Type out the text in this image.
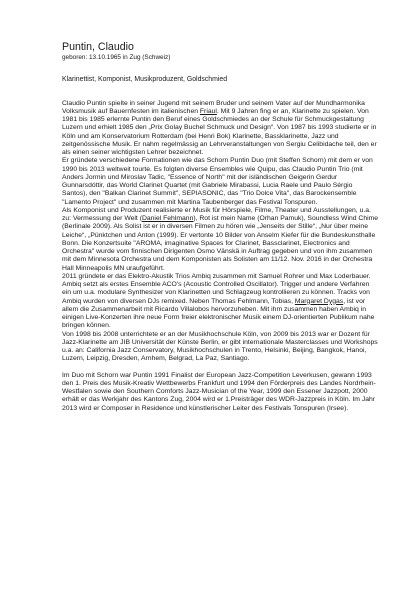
Puntin, Claudio
geboren: 13.10.1965 in Zug (Schweiz)
Klarinettist, Komponist, Musikproduzent, Goldschmied

Claudio Puntin spielte in seiner Jugend mit seinem Bruder und seinem Vater auf der Mundharmonika Volksmusik auf Bauernfesten im italienischen Friaul. Mit 9 Jahren fing er an, Klarinette zu spielen. Von 1981 bis 1985 erlernte Puntin den Beruf eines Goldschmiedes an der Schule für Schmuckgestaltung Luzern und erhielt 1985 den „Prix Golay Buchel Schmuck und Design“. Von 1987 bis 1993 studierte er in Köln und am Konservatorium Rotterdam (bei Henri Bok) Klarinette, Bassklarinette, Jazz und zeitgenössische Musik. Er nahm regelmässig an Lehrveranstaltungen von Sergiu Celibidache teil, den er als einen seiner wichtigsten Lehrer bezeichnet.
Er gründete verschiedene Formationen wie das Schorn Puntin Duo (mit Steffen Schorn) mit dem er von 1990 bis 2013 weltweit tourte. Es folgten diverse Ensembles wie Quipu, das Claudio Puntin Trio (mit Anders Jormin und Miroslav Tadic, "Essence of North" mit der isländischen Geigerin Gerdur Gunnarsdóttir, das World Clarinet Quartet (mit Gabriele Mirabassi, Lucia Raele und Paulo Sérgio Santos), den "Balkan Clarinet Summit", SEPIASONIC, das "Trio Dolce Vita", das Barockensemble "Lamento Project" und zusammen mit Martina Taubenberger das Festival Tonspuren.
Als Komponist und Produzent realisierte er Musik für Hörspiele, Filme, Theater und Ausstellungen, u.a. zu: Vermessung der Welt (Daniel Fehlmann), Rot ist mein Name (Orhan Pamuk), Soundless Wind Chime (Berlinale 2009). Als Solist ist er in diversen Filmen zu hören wie „Jenseits der Stille“, „Nur über meine Leiche“, „Pünktchen und Anton (1999). Er vertonte 10 Bilder von Anselm Kiefer für die Bundeskunsthalle Bonn. Die Konzertsuite "AROMA, imaginative Spaces for Clarinet, Bassclarinet, Electronics and Orchestra" wurde vom finnischen Dirigenten Osmo Vänskä in Auftrag gegeben und von ihm zusammen mit dem Minnesota Orchestra und dem Komponisten als Solisten am 11/12. Nov. 2016 in der Orchestra Hall Minneapolis MN uraufgeführt.
2011 gründete er das Elektro-Akustik Trios Ambiq zusammen mit Samuel Rohrer und Max Loderbauer. Ambiq setzt als erstes Ensemble ACO's (Acoustic Controlled Oscillator). Trigger und andere Verfahren ein um u.a. modulare Synthesizer von Klarinetten und Schlagzeug kontrollieren zu können. Tracks von Ambiq wurden von diversen DJs remixed. Neben Thomas Fehlmann, Tobias, Margaret Dygas, ist vor allem die Zusammenarbeit mit Ricardo Villalobos hervorzuheben. Mit ihm zusammen haben Ambiq in einigen Live-Konzerten ihre neue Form freier elektronischer Musik einem DJ-orientierten Publikum nahe bringen können.
Von 1998 bis 2008 unterrichtete er an der Musikhochschule Köln, von 2009 bis 2013 war er Dozent für Jazz-Klarinette am JIB Universität der Künste Berlin, er gibt internationale Masterclasses und Workshops u.a. an: California Jazz Conservatory, Musikhochschulen in Trento, Helsinki, Beijing, Bangkok, Hanoi, Luzern, Leipzig, Dresden, Arnhem, Belgrad, La Paz, Santiago.

Im Duo mit Schorn war Puntin 1991 Finalist der European Jazz-Competition Leverkusen, gewann 1993 den 1. Preis des Musik-Kreativ Wettbewerbs Frankfurt und 1994 den Förderpreis des Landes Nordrhein-Westfalen sowie den Southern Comforts Jazz-Musician of the Year, 1999 den Essener Jazzpott, 2000 erhält er das Werkjahr des Kantons Zug, 2004 wird er 1.Preisträger des WDR-Jazzpreis in Köln. Im Jahr 2013 wird er Composer in Residence und künstlerischer Leiter des Festivals Tonspuren (Irsee).
